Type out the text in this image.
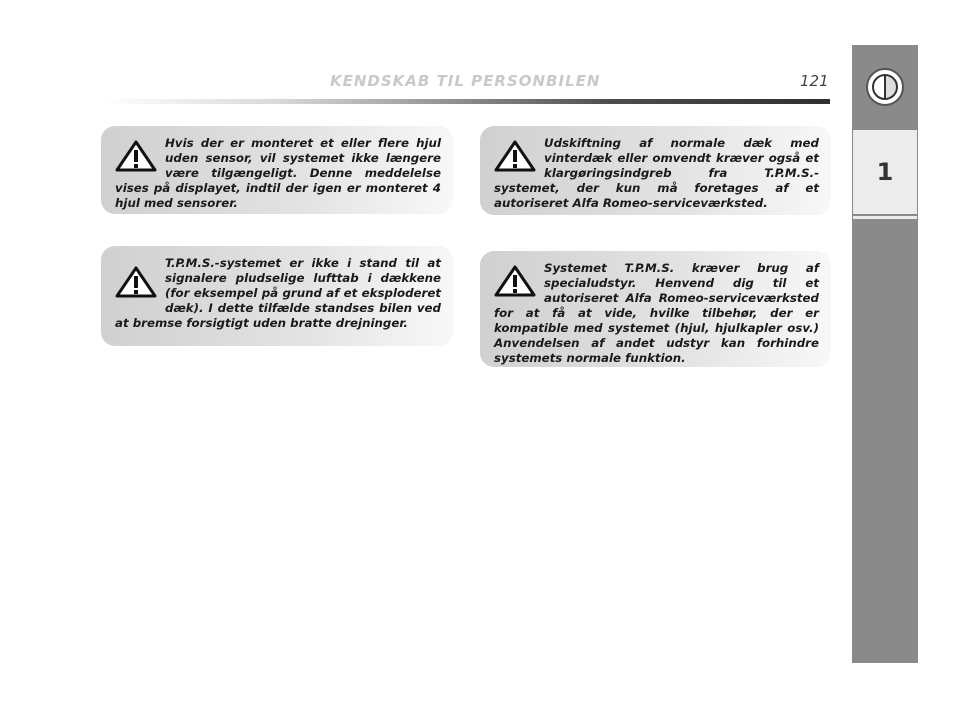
KENDSKAB TIL PERSONBILEN	121
1

Hvis der er monteret et eller flere hjul uden sensor, vil systemet ikke længere være tilgængeligt. Denne meddelelse vises på displayet, indtil der igen er monteret 4 hjul med sensorer.

T.P.M.S.-systemet er ikke i stand til at signalere pludselige lufttab i dækkene (for eksempel på grund af et eksploderet dæk). I dette tilfælde standses bilen ved at bremse forsigtigt uden bratte drejninger.

Udskiftning af normale dæk med vinterdæk eller omvendt kræver også et klargøringsindgreb fra T.P.M.S.-systemet, der kun må foretages af et autoriseret Alfa Romeo-serviceværksted.

Systemet T.P.M.S. kræver brug af specialudstyr. Henvend dig til et autoriseret Alfa Romeo-serviceværksted for at få at vide, hvilke tilbehør, der er kompatible med systemet (hjul, hjulkapler osv.) Anvendelsen af andet udstyr kan forhindre systemets normale funktion.
